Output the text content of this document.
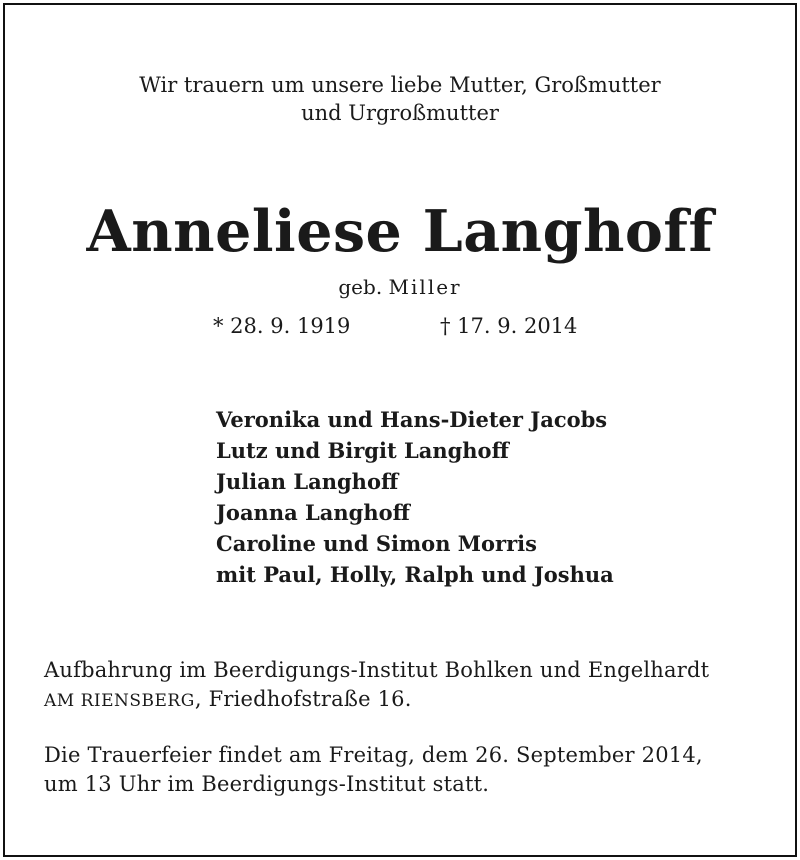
Wir trauern um unsere liebe Mutter, Großmutter
und Urgroßmutter
Anneliese Langhoff
geb. Miller
* 28. 9. 1919	† 17. 9. 2014
Veronika und Hans-Dieter Jacobs
Lutz und Birgit Langhoff
Julian Langhoff
Joanna Langhoff
Caroline und Simon Morris
mit Paul, Holly, Ralph und Joshua
Aufbahrung im Beerdigungs-Institut Bohlken und Engelhardt
AM RIENSBERG, Friedhofstraße 16.
Die Trauerfeier findet am Freitag, dem 26. September 2014,
um 13 Uhr im Beerdigungs-Institut statt.
